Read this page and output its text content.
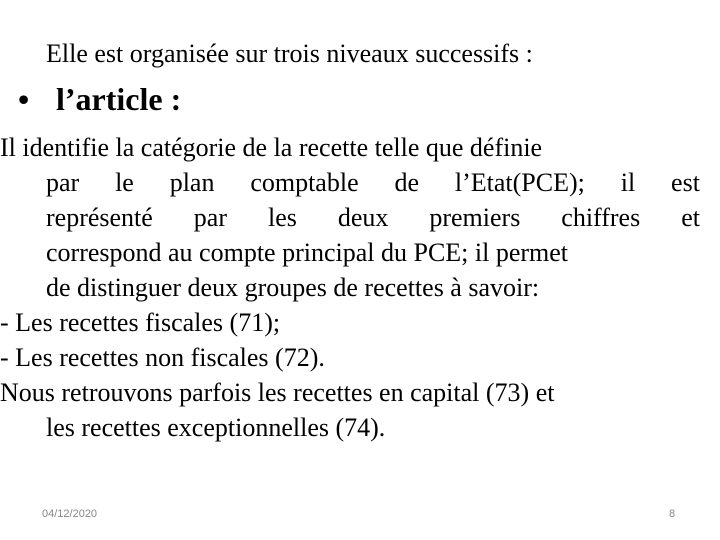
Elle est organisée sur trois niveaux successifs :
• l’article :
Il identifie la catégorie de la recette telle que définie
par le plan comptable de l’Etat(PCE); il est
représenté par les deux premiers chiffres et
correspond au compte principal du PCE; il permet
de distinguer deux groupes de recettes à savoir:
- Les recettes fiscales (71);
- Les recettes non fiscales (72).
Nous retrouvons parfois les recettes en capital (73) et
les recettes exceptionnelles (74).
04/12/2020	8
